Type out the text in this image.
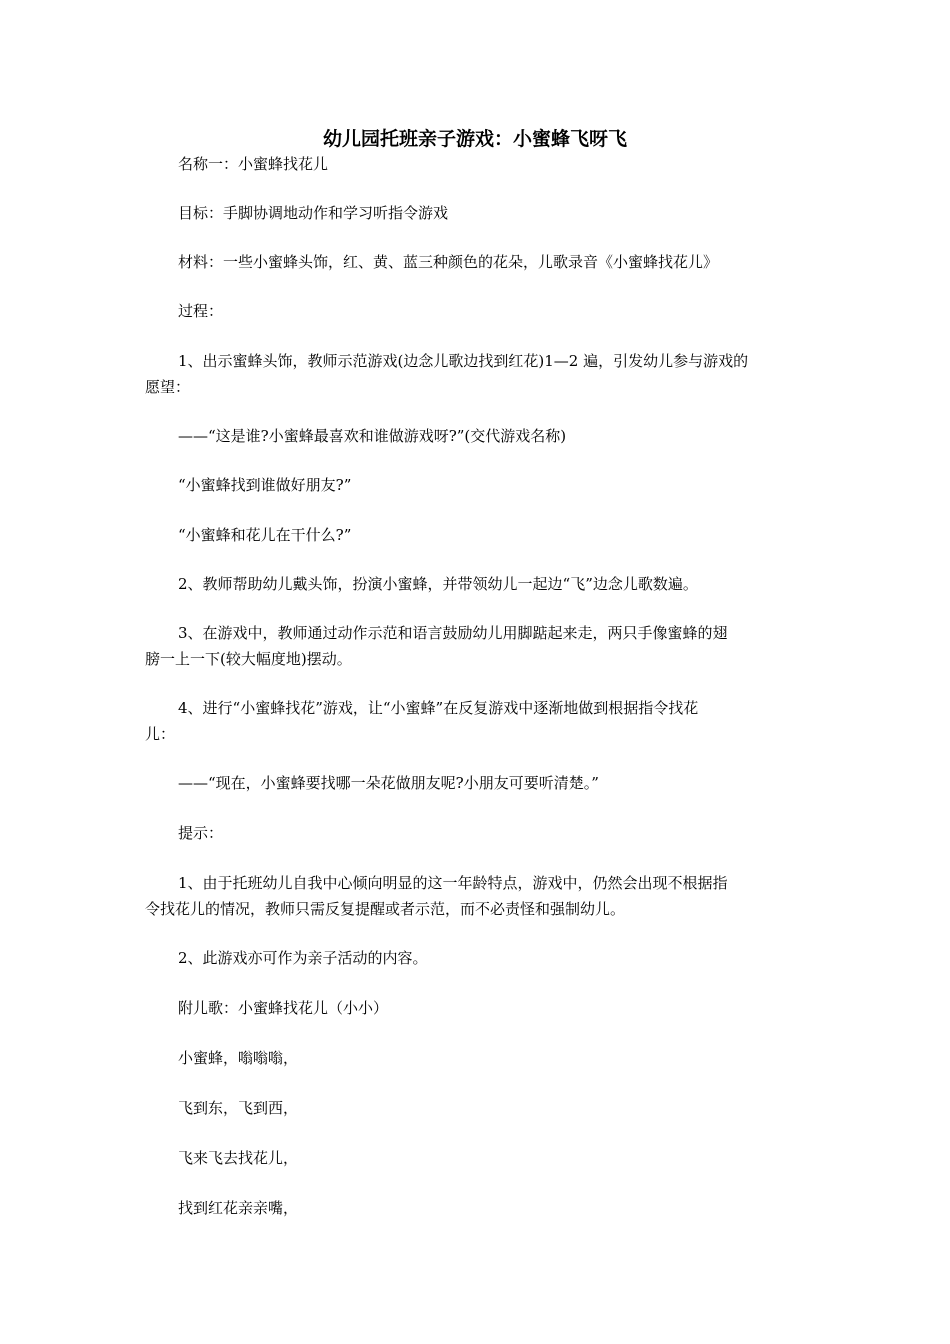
幼儿园托班亲子游戏：小蜜蜂飞呀飞
名称一：小蜜蜂找花儿
目标：手脚协调地动作和学习听指令游戏
材料：一些小蜜蜂头饰，红、黄、蓝三种颜色的花朵，儿歌录音《小蜜蜂找花儿》
过程：
1、出示蜜蜂头饰，教师示范游戏(边念儿歌边找到红花)1—2 遍，引发幼儿参与游戏的
愿望：
——“这是谁?小蜜蜂最喜欢和谁做游戏呀?”(交代游戏名称)
“小蜜蜂找到谁做好朋友?”
“小蜜蜂和花儿在干什么?”
2、教师帮助幼儿戴头饰，扮演小蜜蜂，并带领幼儿一起边“飞”边念儿歌数遍。
3、在游戏中，教师通过动作示范和语言鼓励幼儿用脚踮起来走，两只手像蜜蜂的翅
膀一上一下(较大幅度地)摆动。
4、进行“小蜜蜂找花”游戏，让“小蜜蜂”在反复游戏中逐渐地做到根据指令找花
儿：
——“现在，小蜜蜂要找哪一朵花做朋友呢?小朋友可要听清楚。”
提示：
1、由于托班幼儿自我中心倾向明显的这一年龄特点，游戏中，仍然会出现不根据指
令找花儿的情况，教师只需反复提醒或者示范，而不必责怪和强制幼儿。
2、此游戏亦可作为亲子活动的内容。
附儿歌：小蜜蜂找花儿（小小）
小蜜蜂，嗡嗡嗡，
飞到东，飞到西，
飞来飞去找花儿，
找到红花亲亲嘴，
